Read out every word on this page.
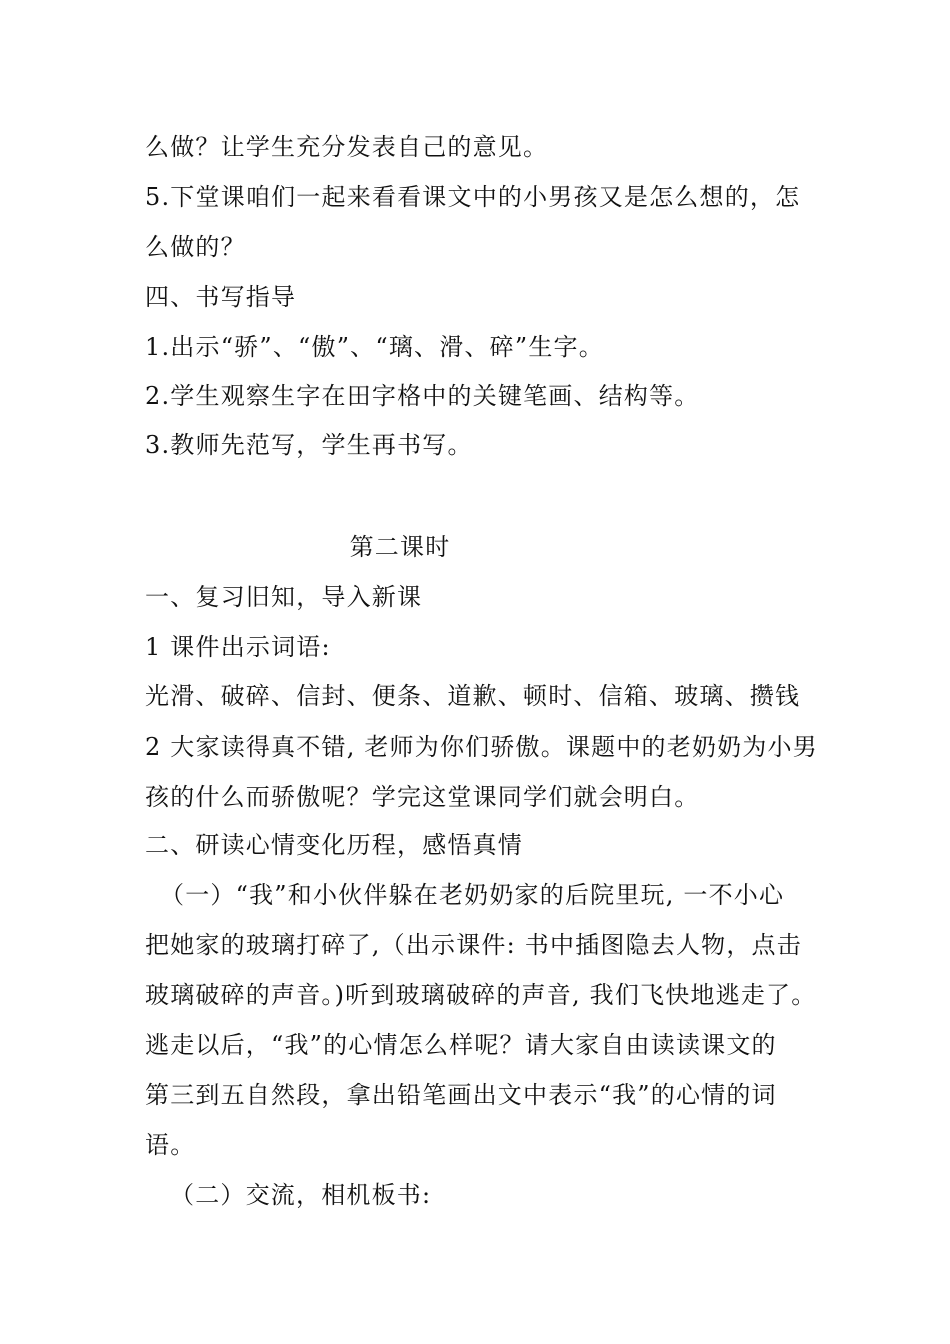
么做？让学生充分发表自己的意见。
5.下堂课咱们一起来看看课文中的小男孩又是怎么想的，怎
么做的？
四、书写指导
1.出示“骄”、“傲”、“璃、滑、碎”生字。
2.学生观察生字在田字格中的关键笔画、结构等。
3.教师先范写，学生再书写。
第二课时
一、复习旧知，导入新课
1 课件出示词语:
光滑、破碎、信封、便条、道歉、顿时、信箱、玻璃、攒钱
2 大家读得真不错, 老师为你们骄傲。课题中的老奶奶为小男
孩的什么而骄傲呢？学完这堂课同学们就会明白。
二、研读心情变化历程，感悟真情
（一）“我”和小伙伴躲在老奶奶家的后院里玩, 一不小心
把她家的玻璃打碎了,（出示课件: 书中插图隐去人物，点击
玻璃破碎的声音。)听到玻璃破碎的声音, 我们飞快地逃走了。
逃走以后，“我”的心情怎么样呢？请大家自由读读课文的
第三到五自然段，拿出铅笔画出文中表示“我”的心情的词
语。
（二）交流，相机板书:
